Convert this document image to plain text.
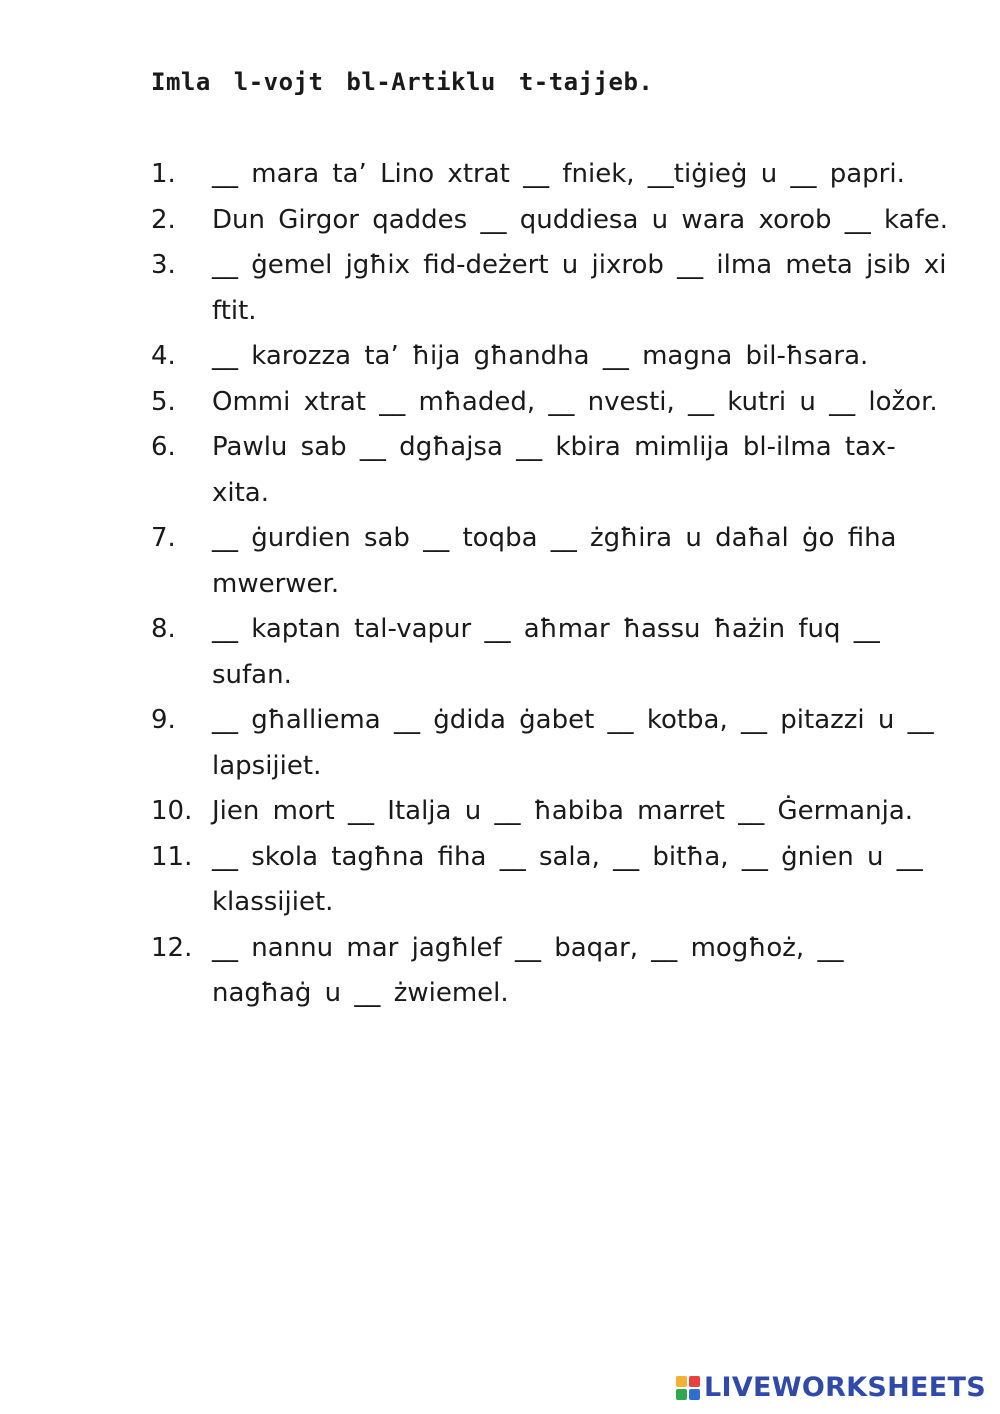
Imla l-vojt bl-Artiklu t-tajjeb.
1.	__ mara ta’ Lino xtrat __ fniek, __tiġieġ u __ papri.
2.	Dun Girgor qaddes __ quddiesa u wara xorob __ kafe.
3.	__ ġemel jgħix fid-deżert u jixrob __ ilma meta jsib xi ftit.
4.	__ karozza ta’ ħija għandha __ magna bil-ħsara.
5.	Ommi xtrat __ mħaded, __ nvesti, __ kutri u __ ložor.
6.	Pawlu sab __ dgħajsa __ kbira mimlija bl-ilma tax-xita.
7.	__ ġurdien sab __ toqba __ żgħira u daħal ġo fiha mwerwer.
8.	__ kaptan tal-vapur __ aħmar ħassu ħażin fuq __ sufan.
9.	__ għalliema __ ġdida ġabet __ kotba, __ pitazzi u __ lapsijiet.
10. Jien mort __ Italja u __ ħabiba marret __ Ġermanja.
11. __ skola tagħna fiha __ sala, __ bitħa, __ ġnien u __ klassijiet.
12. __ nannu mar jagħlef __ baqar, __ mogħoż, __ nagħaġ u __ żwiemel.
LIVEWORKSHEETS
